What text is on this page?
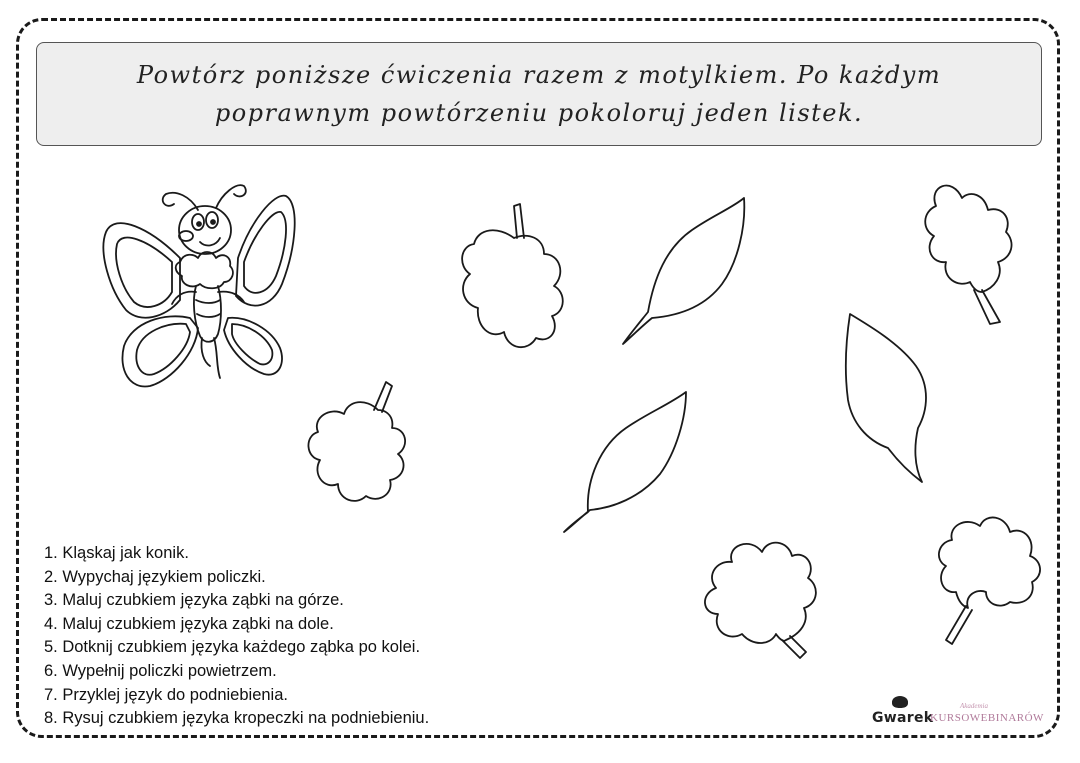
Powtórz poniższe ćwiczenia razem z motylkiem. Po każdym
poprawnym powtórzeniu pokoloruj jeden listek.
1. Kląskaj jak konik.
2. Wypychaj językiem policzki.
3. Maluj czubkiem języka ząbki na górze.
4. Maluj czubkiem języka ząbki na dole.
5. Dotknij czubkiem języka każdego ząbka po kolei.
6. Wypełnij policzki powietrzem.
7. Przyklej język do podniebienia.
8. Rysuj czubkiem języka kropeczki na podniebieniu.	Gwarek
Akademia
KURSOWEBINARÓW
